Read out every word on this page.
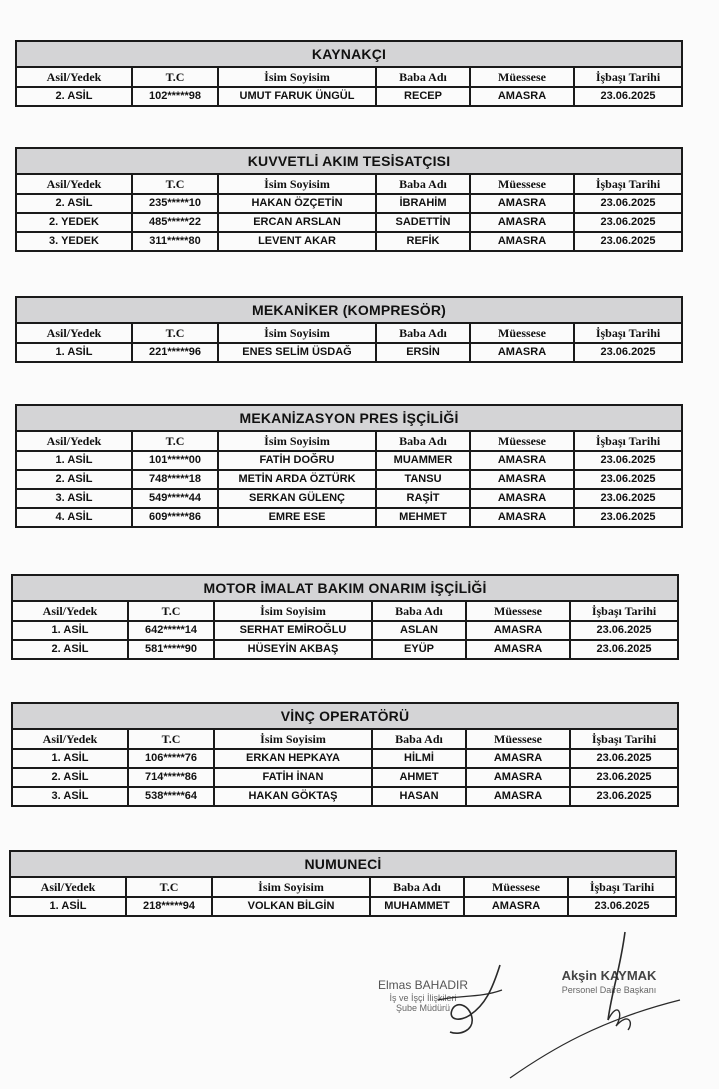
KAYNAKÇI					
Asil/Yedek	T.C	İsim Soyisim	Baba Adı	Müessese	İşbaşı Tarihi
2. ASİL	102*****98	UMUT FARUK ÜNGÜL	RECEP	AMASRA	23.06.2025
KUVVETLİ AKIM TESİSATÇISI					
Asil/Yedek	T.C	İsim Soyisim	Baba Adı	Müessese	İşbaşı Tarihi
2. ASİL	235*****10	HAKAN ÖZÇETİN	İBRAHİM	AMASRA	23.06.2025
2. YEDEK	485*****22	ERCAN ARSLAN	SADETTİN	AMASRA	23.06.2025
3. YEDEK	311*****80	LEVENT AKAR	REFİK	AMASRA	23.06.2025
MEKANİKER (KOMPRESÖR)					
Asil/Yedek	T.C	İsim Soyisim	Baba Adı	Müessese	İşbaşı Tarihi
1. ASİL	221*****96	ENES SELİM ÜSDAĞ	ERSİN	AMASRA	23.06.2025
MEKANİZASYON PRES İŞÇİLİĞİ					
Asil/Yedek	T.C	İsim Soyisim	Baba Adı	Müessese	İşbaşı Tarihi
1. ASİL	101*****00	FATİH DOĞRU	MUAMMER	AMASRA	23.06.2025
2. ASİL	748*****18	METİN ARDA ÖZTÜRK	TANSU	AMASRA	23.06.2025
3. ASİL	549*****44	SERKAN GÜLENÇ	RAŞİT	AMASRA	23.06.2025
4. ASİL	609*****86	EMRE ESE	MEHMET	AMASRA	23.06.2025
MOTOR İMALAT BAKIM ONARIM İŞÇİLİĞİ					
Asil/Yedek	T.C	İsim Soyisim	Baba Adı	Müessese	İşbaşı Tarihi
1. ASİL	642*****14	SERHAT EMİROĞLU	ASLAN	AMASRA	23.06.2025
2. ASİL	581*****90	HÜSEYİN AKBAŞ	EYÜP	AMASRA	23.06.2025
VİNÇ OPERATÖRÜ					
Asil/Yedek	T.C	İsim Soyisim	Baba Adı	Müessese	İşbaşı Tarihi
1. ASİL	106*****76	ERKAN HEPKAYA	HİLMİ	AMASRA	23.06.2025
2. ASİL	714*****86	FATİH İNAN	AHMET	AMASRA	23.06.2025
3. ASİL	538*****64	HAKAN GÖKTAŞ	HASAN	AMASRA	23.06.2025
NUMUNECİ					
Asil/Yedek	T.C	İsim Soyisim	Baba Adı	Müessese	İşbaşı Tarihi
1. ASİL	218*****94	VOLKAN BİLGİN	MUHAMMET	AMASRA	23.06.2025
Elmas BAHADIR
İş ve İşçi İlişkileri
Şube Müdürü
Akşin KAYMAK
Personel Daire Başkanı
